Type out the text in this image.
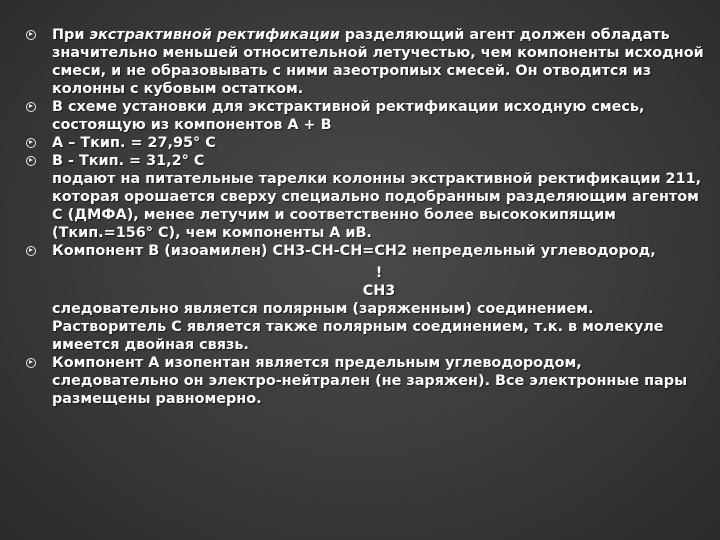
При экстрактивной ректификации разделяющий агент должен обладать значительно меньшей относительной летучестью, чем компоненты исходной смеси, и не образовывать с ними азеотропиых смесей. Он отводится из колонны с кубовым остатком.

В схеме установки для экстрактивной ректификации исходную смесь, состоящую из компонентов А + В

А – Ткип. = 27,95° С

В - Ткип. = 31,2° С

подают на питательные тарелки колонны экстрактивной ректификации 211, которая орошается сверху специально подобранным разделяющим агентом С (ДМФА), менее летучим и соответственно более высококипящим (Ткип.=156° С), чем компоненты А иВ.

Компонент В (изоамилен) СН3-СН-СН=СН2 непредельный углеводород,

!

СН3

следовательно является полярным (заряженным) соединением. Растворитель С является также полярным соединением, т.к. в молекуле имеется двойная связь.

Компонент А изопентан является предельным углеводородом, следовательно он электро-нейтрален (не заряжен). Все электронные пары размещены равномерно.
